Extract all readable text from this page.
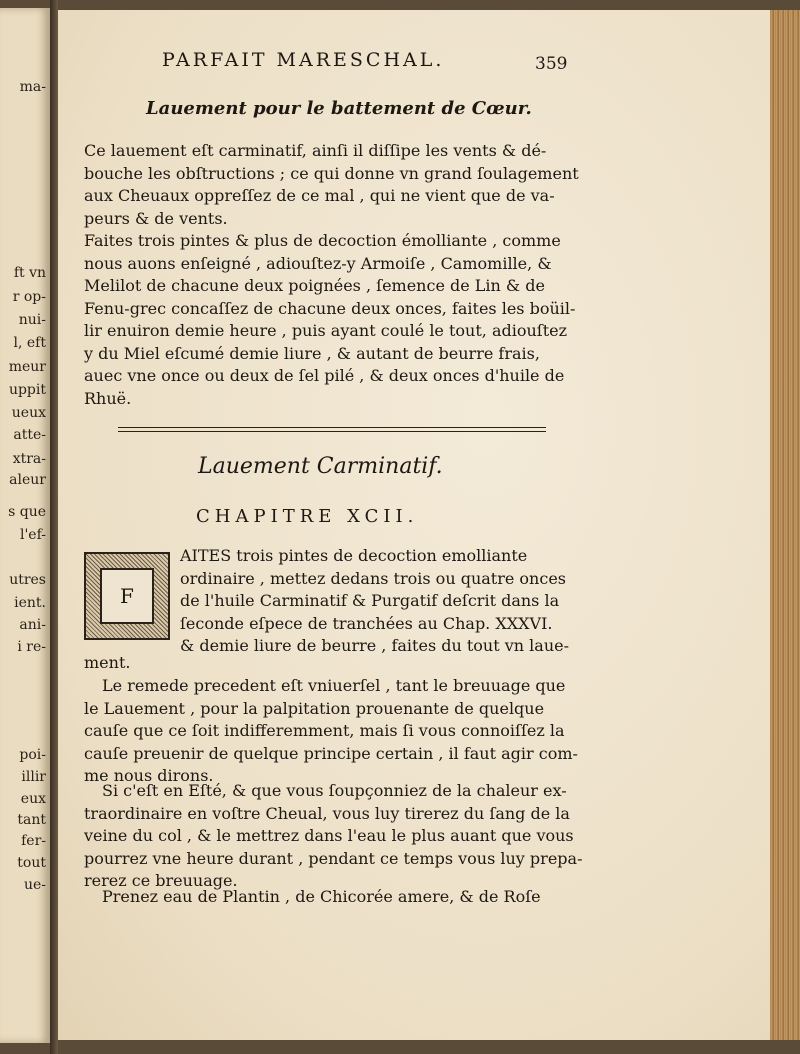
ma-
ft vn
r op-
nui-
l, eft
meur
uppit
ueux
atte-
xtra-
aleur
s que
l'ef-
utres
ient.
ani-
i re-
poi-
illir
eux
tant
fer-
tout
ue-
PARFAIT MARESCHAL.	359
Lauement pour le battement de Cœur.
Ce lauement eſt carminatif, ainſi il diſſipe les vents & dé-
bouche les obſtructions ; ce qui donne vn grand ſoulagement
aux Cheuaux oppreſſez de ce mal , qui ne vient que de va-
peurs & de vents.
Faites trois pintes & plus de decoction émolliante , comme
nous auons enſeigné , adiouſtez-y Armoiſe , Camomille, &
Melilot de chacune deux poignées , ſemence de Lin & de
Fenu-grec concaſſez de chacune deux onces, faites les boüil-
lir enuiron demie heure , puis ayant coulé le tout, adiouſtez
y du Miel eſcumé demie liure , & autant de beurre frais,
auec vne once ou deux de ſel pilé , & deux onces d'huile de
Rhuë.
Lauement Carminatif.
CHAPITRE XCII.
F
AITES trois pintes de decoction emolliante
ordinaire , mettez dedans trois ou quatre onces
de l'huile Carminatif & Purgatif deſcrit dans la
ſeconde eſpece de tranchées au Chap. XXXVI.
& demie liure de beurre , faites du tout vn laue-
ment.
Le remede precedent eſt vniuerſel , tant le breuuage que
le Lauement , pour la palpitation prouenante de quelque
cauſe que ce ſoit indifferemment, mais ſi vous connoiſſez la
cauſe preuenir de quelque principe certain , il faut agir com-
me nous dirons.
Si c'eſt en Eſté, & que vous ſoupçonniez de la chaleur ex-
traordinaire en voſtre Cheual, vous luy tirerez du ſang de la
veine du col , & le mettrez dans l'eau le plus auant que vous
pourrez vne heure durant , pendant ce temps vous luy prepa-
rerez ce breuuage.
Prenez eau de Plantin , de Chicorée amere, & de Roſe
